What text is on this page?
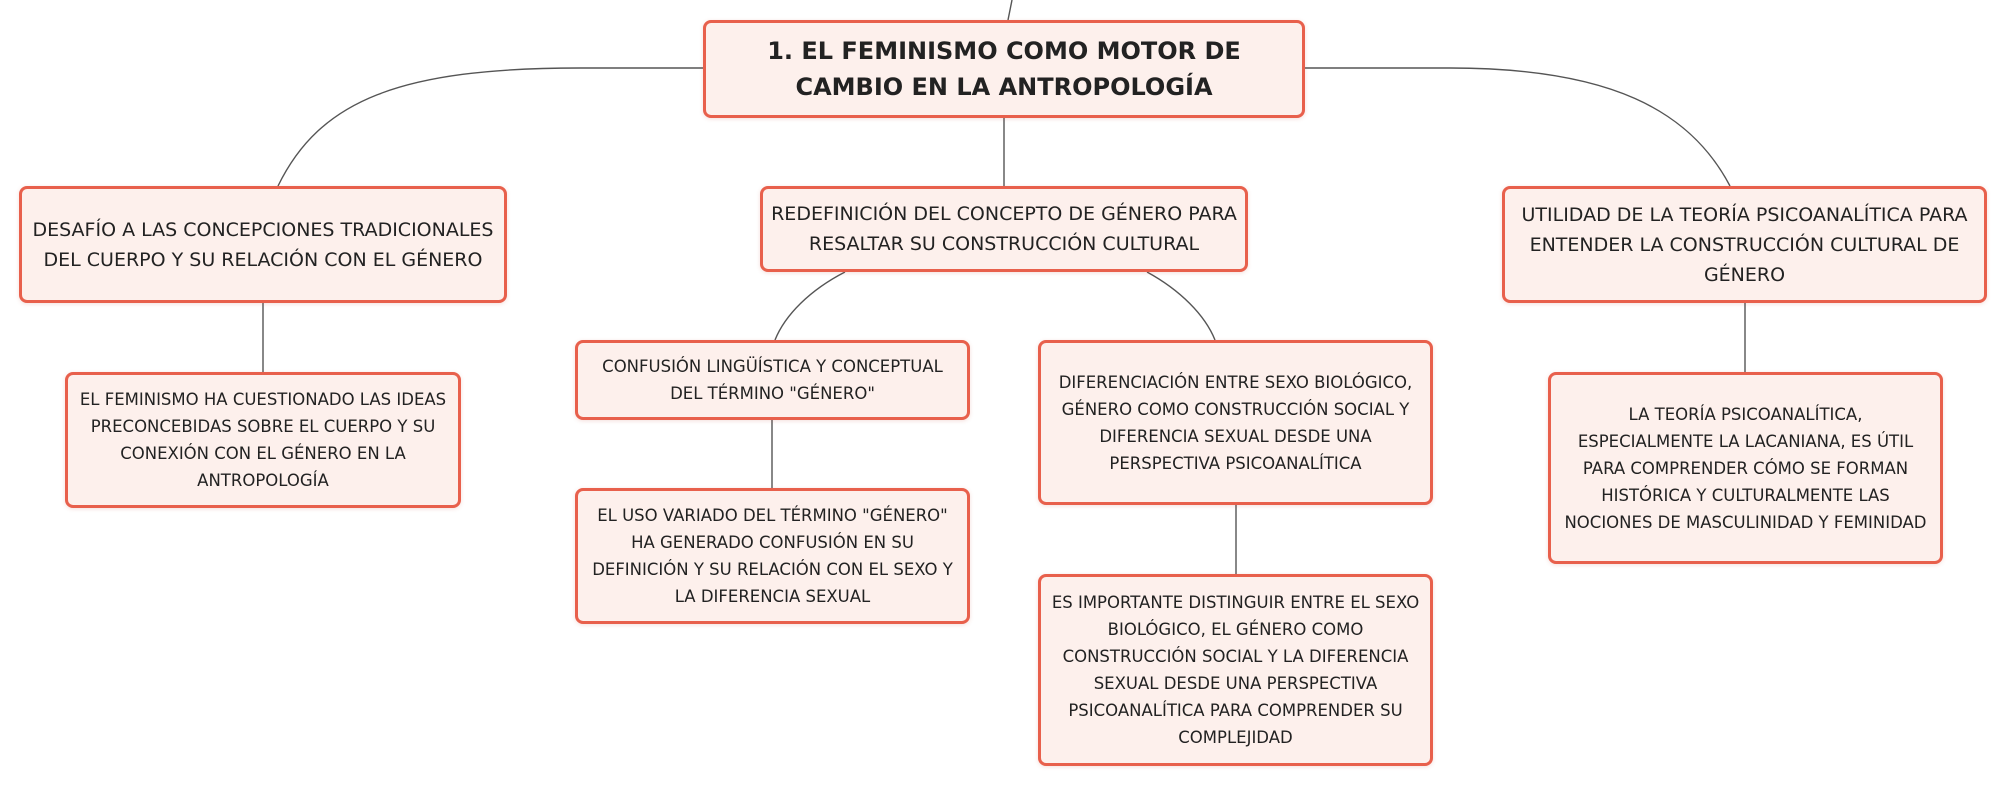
1. EL FEMINISMO COMO MOTOR DE CAMBIO EN LA ANTROPOLOGÍA
DESAFÍO A LAS CONCEPCIONES TRADICIONALES DEL CUERPO Y SU RELACIÓN CON EL GÉNERO
REDEFINICIÓN DEL CONCEPTO DE GÉNERO PARA RESALTAR SU CONSTRUCCIÓN CULTURAL
UTILIDAD DE LA TEORÍA PSICOANALÍTICA PARA ENTENDER LA CONSTRUCCIÓN CULTURAL DE GÉNERO
EL FEMINISMO HA CUESTIONADO LAS IDEAS PRECONCEBIDAS SOBRE EL CUERPO Y SU CONEXIÓN CON EL GÉNERO EN LA ANTROPOLOGÍA
CONFUSIÓN LINGÜÍSTICA Y CONCEPTUAL DEL TÉRMINO "GÉNERO"
DIFERENCIACIÓN ENTRE SEXO BIOLÓGICO, GÉNERO COMO CONSTRUCCIÓN SOCIAL Y DIFERENCIA SEXUAL DESDE UNA PERSPECTIVA PSICOANALÍTICA
EL USO VARIADO DEL TÉRMINO "GÉNERO" HA GENERADO CONFUSIÓN EN SU DEFINICIÓN Y SU RELACIÓN CON EL SEXO Y LA DIFERENCIA SEXUAL	ES IMPORTANTE DISTINGUIR ENTRE EL SEXO BIOLÓGICO, EL GÉNERO COMO CONSTRUCCIÓN SOCIAL Y LA DIFERENCIA SEXUAL DESDE UNA PERSPECTIVA PSICOANALÍTICA PARA COMPRENDER SU COMPLEJIDAD
LA TEORÍA PSICOANALÍTICA, ESPECIALMENTE LA LACANIANA, ES ÚTIL PARA COMPRENDER CÓMO SE FORMAN HISTÓRICA Y CULTURALMENTE LAS NOCIONES DE MASCULINIDAD Y FEMINIDAD
